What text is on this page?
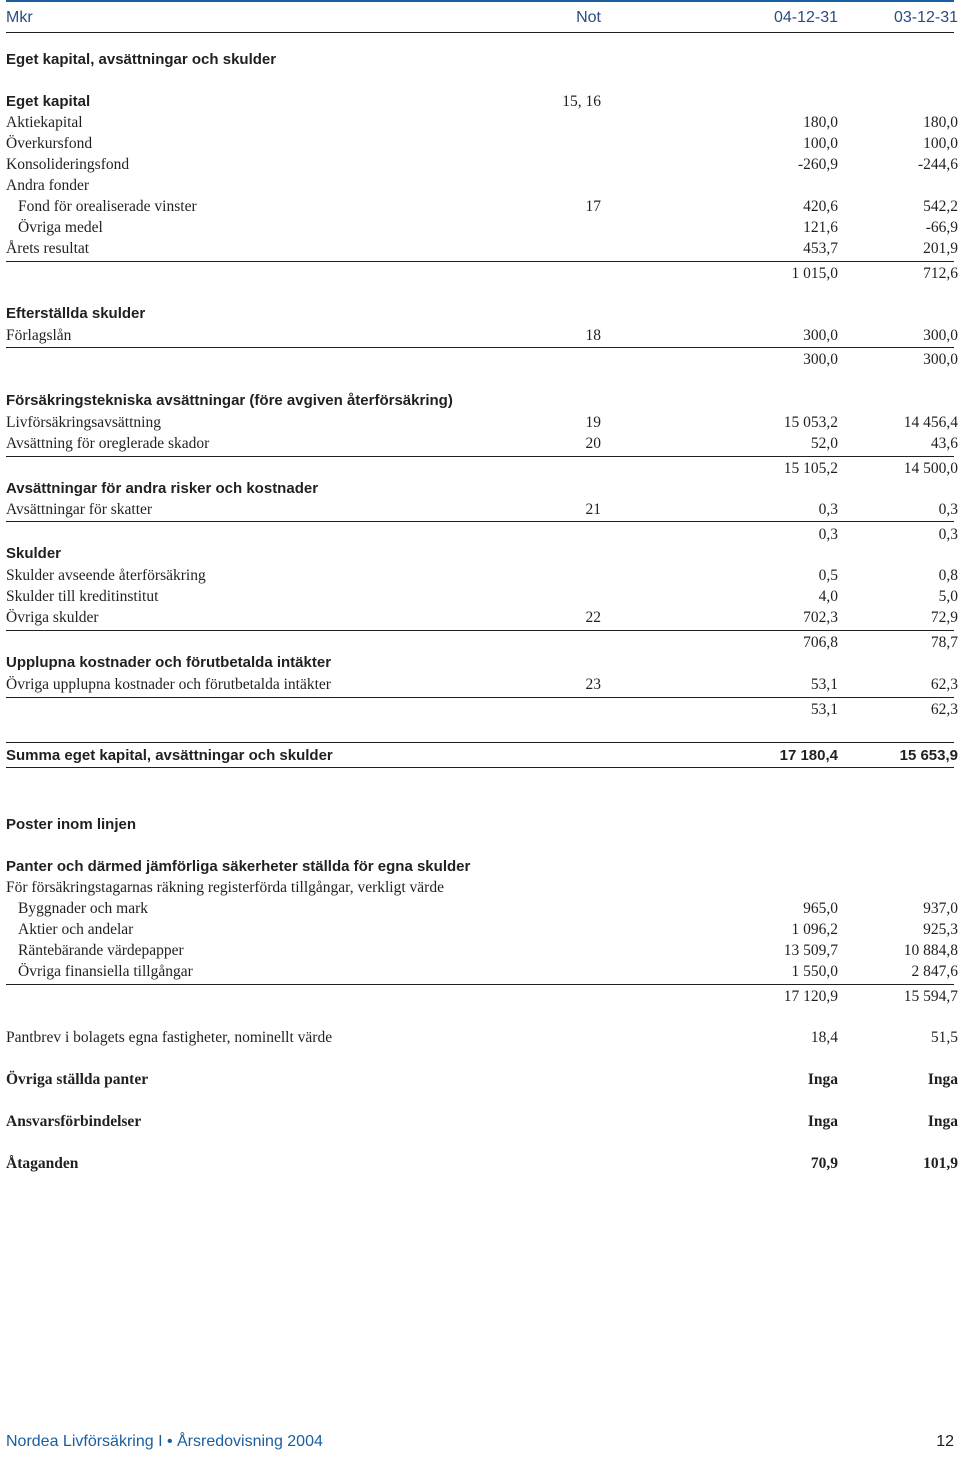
Mkr	Not	04-12-31	03-12-31
Eget kapital, avsättningar och skulder
Eget kapital	15, 16
Aktiekapital	180,0	180,0
Överkursfond	100,0	100,0
Konsolideringsfond	-260,9	-244,6
Andra fonder
Fond för orealiserade vinster	17	420,6	542,2
Övriga medel	121,6	-66,9
Årets resultat	453,7	201,9
1 015,0	712,6
Efterställda skulder
Förlagslån	18	300,0	300,0
300,0	300,0
Försäkringstekniska avsättningar (före avgiven återförsäkring)
Livförsäkringsavsättning	19	15 053,2	14 456,4
Avsättning för oreglerade skador	20	52,0	43,6
15 105,2	14 500,0
Avsättningar för andra risker och kostnader
Avsättningar för skatter	21	0,3	0,3
0,3	0,3
Skulder
Skulder avseende återförsäkring	0,5	0,8
Skulder till kreditinstitut	4,0	5,0
Övriga skulder	22	702,3	72,9
706,8	78,7
Upplupna kostnader och förutbetalda intäkter
Övriga upplupna kostnader och förutbetalda intäkter	23	53,1	62,3
53,1	62,3
Summa eget kapital, avsättningar och skulder	17 180,4	15 653,9
Poster inom linjen
Panter och därmed jämförliga säkerheter ställda för egna skulder
För försäkringstagarnas räkning registerförda tillgångar, verkligt värde
Byggnader och mark	965,0	937,0
Aktier och andelar	1 096,2	925,3
Räntebärande värdepapper	13 509,7	10 884,8
Övriga finansiella tillgångar	1 550,0	2 847,6
17 120,9	15 594,7
Pantbrev i bolagets egna fastigheter, nominellt värde	18,4	51,5
Övriga ställda panter	Inga	Inga
Ansvarsförbindelser	Inga	Inga
Åtaganden	70,9	101,9
Nordea Livförsäkring I • Årsredovisning 2004	12
